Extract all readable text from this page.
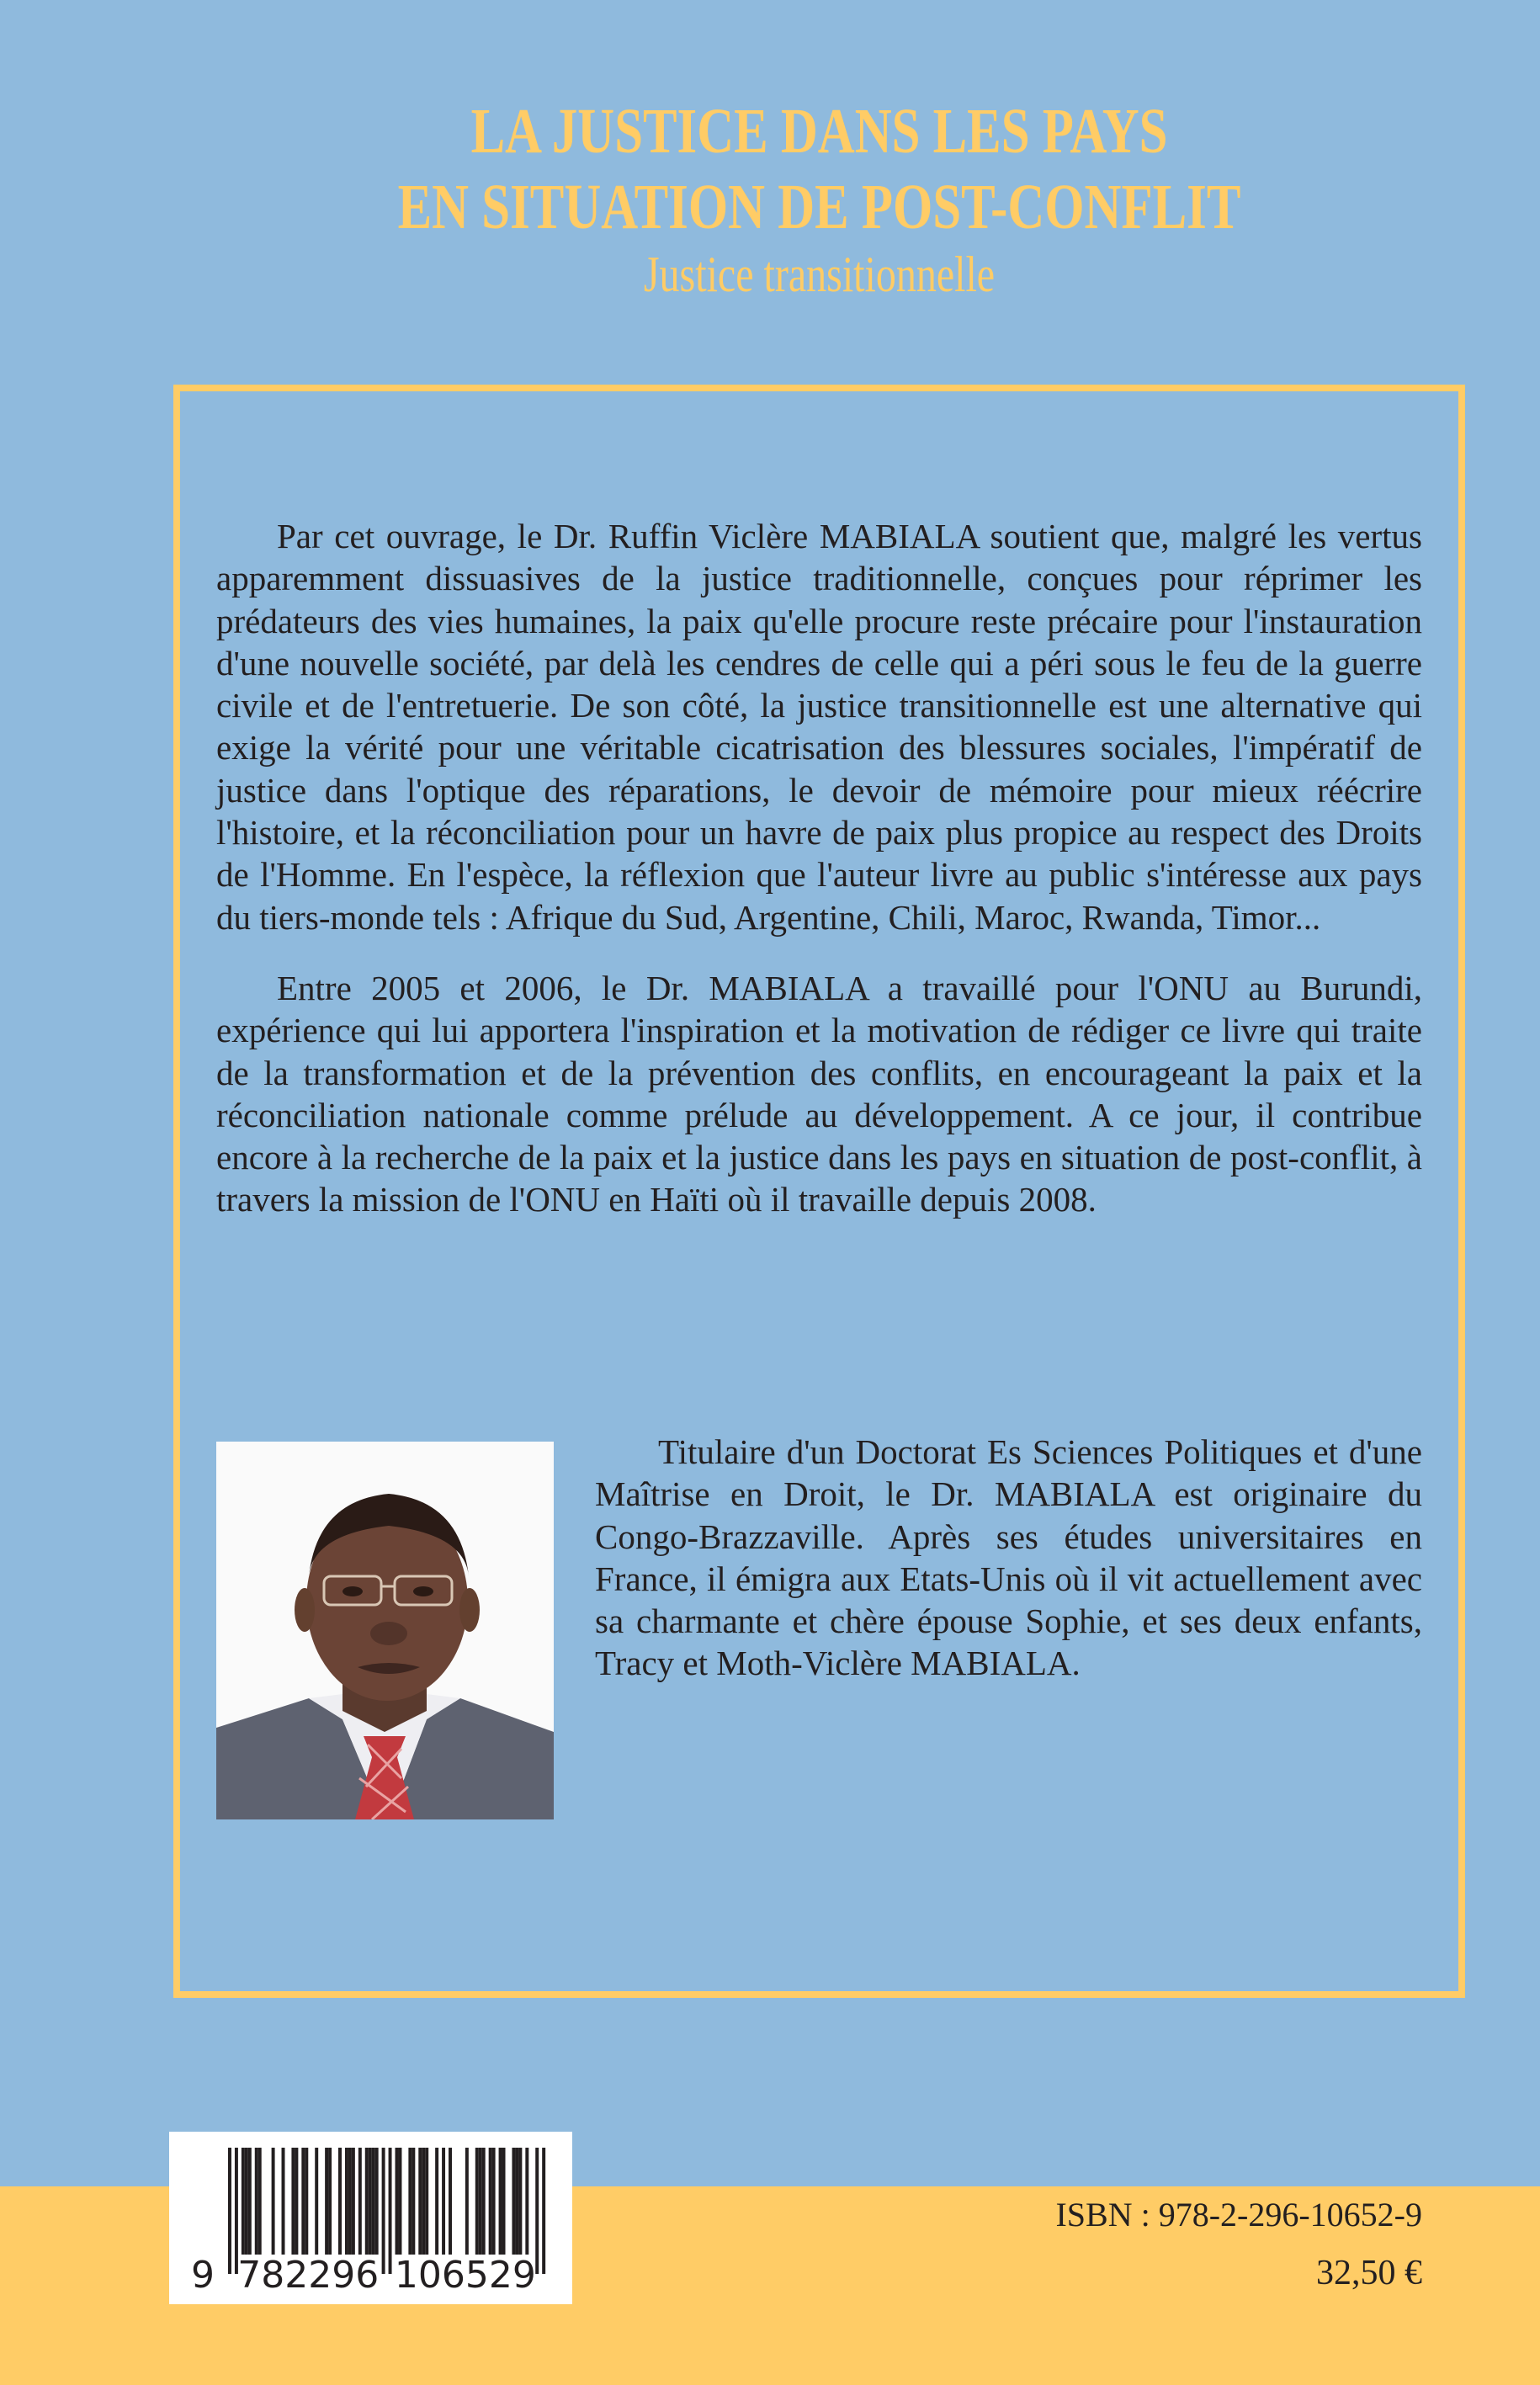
LA JUSTICE DANS LES PAYS
EN SITUATION DE POST-CONFLIT
Justice transitionnelle

Par cet ouvrage, le Dr. Ruffin Viclère MABIALA soutient que, malgré les vertus apparemment dissuasives de la justice traditionnelle, conçues pour réprimer les prédateurs des vies humaines, la paix qu'elle procure reste précaire pour l'instauration d'une nouvelle société, par delà les cendres de celle qui a péri sous le feu de la guerre civile et de l'entretuerie. De son côté, la justice transitionnelle est une alternative qui exige la vérité pour une véritable cicatrisation des blessures sociales, l'impératif de justice dans l'optique des réparations, le devoir de mémoire pour mieux réécrire l'histoire, et la réconciliation pour un havre de paix plus propice au respect des Droits de l'Homme. En l'espèce, la réflexion que l'auteur livre au public s'intéresse aux pays du tiers-monde tels : Afrique du Sud, Argentine, Chili, Maroc, Rwanda, Timor...

Entre 2005 et 2006, le Dr. MABIALA a travaillé pour l'ONU au Burundi, expérience qui lui apportera l'inspiration et la motivation de rédiger ce livre qui traite de la transformation et de la prévention des conflits, en encourageant la paix et la réconciliation nationale comme prélude au développement. A ce jour, il contribue encore à la recherche de la paix et la justice dans les pays en situation de post-conflit, à travers la mission de l'ONU en Haïti où il travaille depuis 2008.

Titulaire d'un Doctorat Es Sciences Politiques et d'une Maîtrise en Droit, le Dr. MABIALA est originaire du Congo-Brazzaville. Après ses études universitaires en France, il émigra aux Etats-Unis où il vit actuellement avec sa charmante et chère épouse Sophie, et ses deux enfants, Tracy et Moth-Viclère MABIALA.

9 782296 106529
ISBN : 978-2-296-10652-9
32,50 €
